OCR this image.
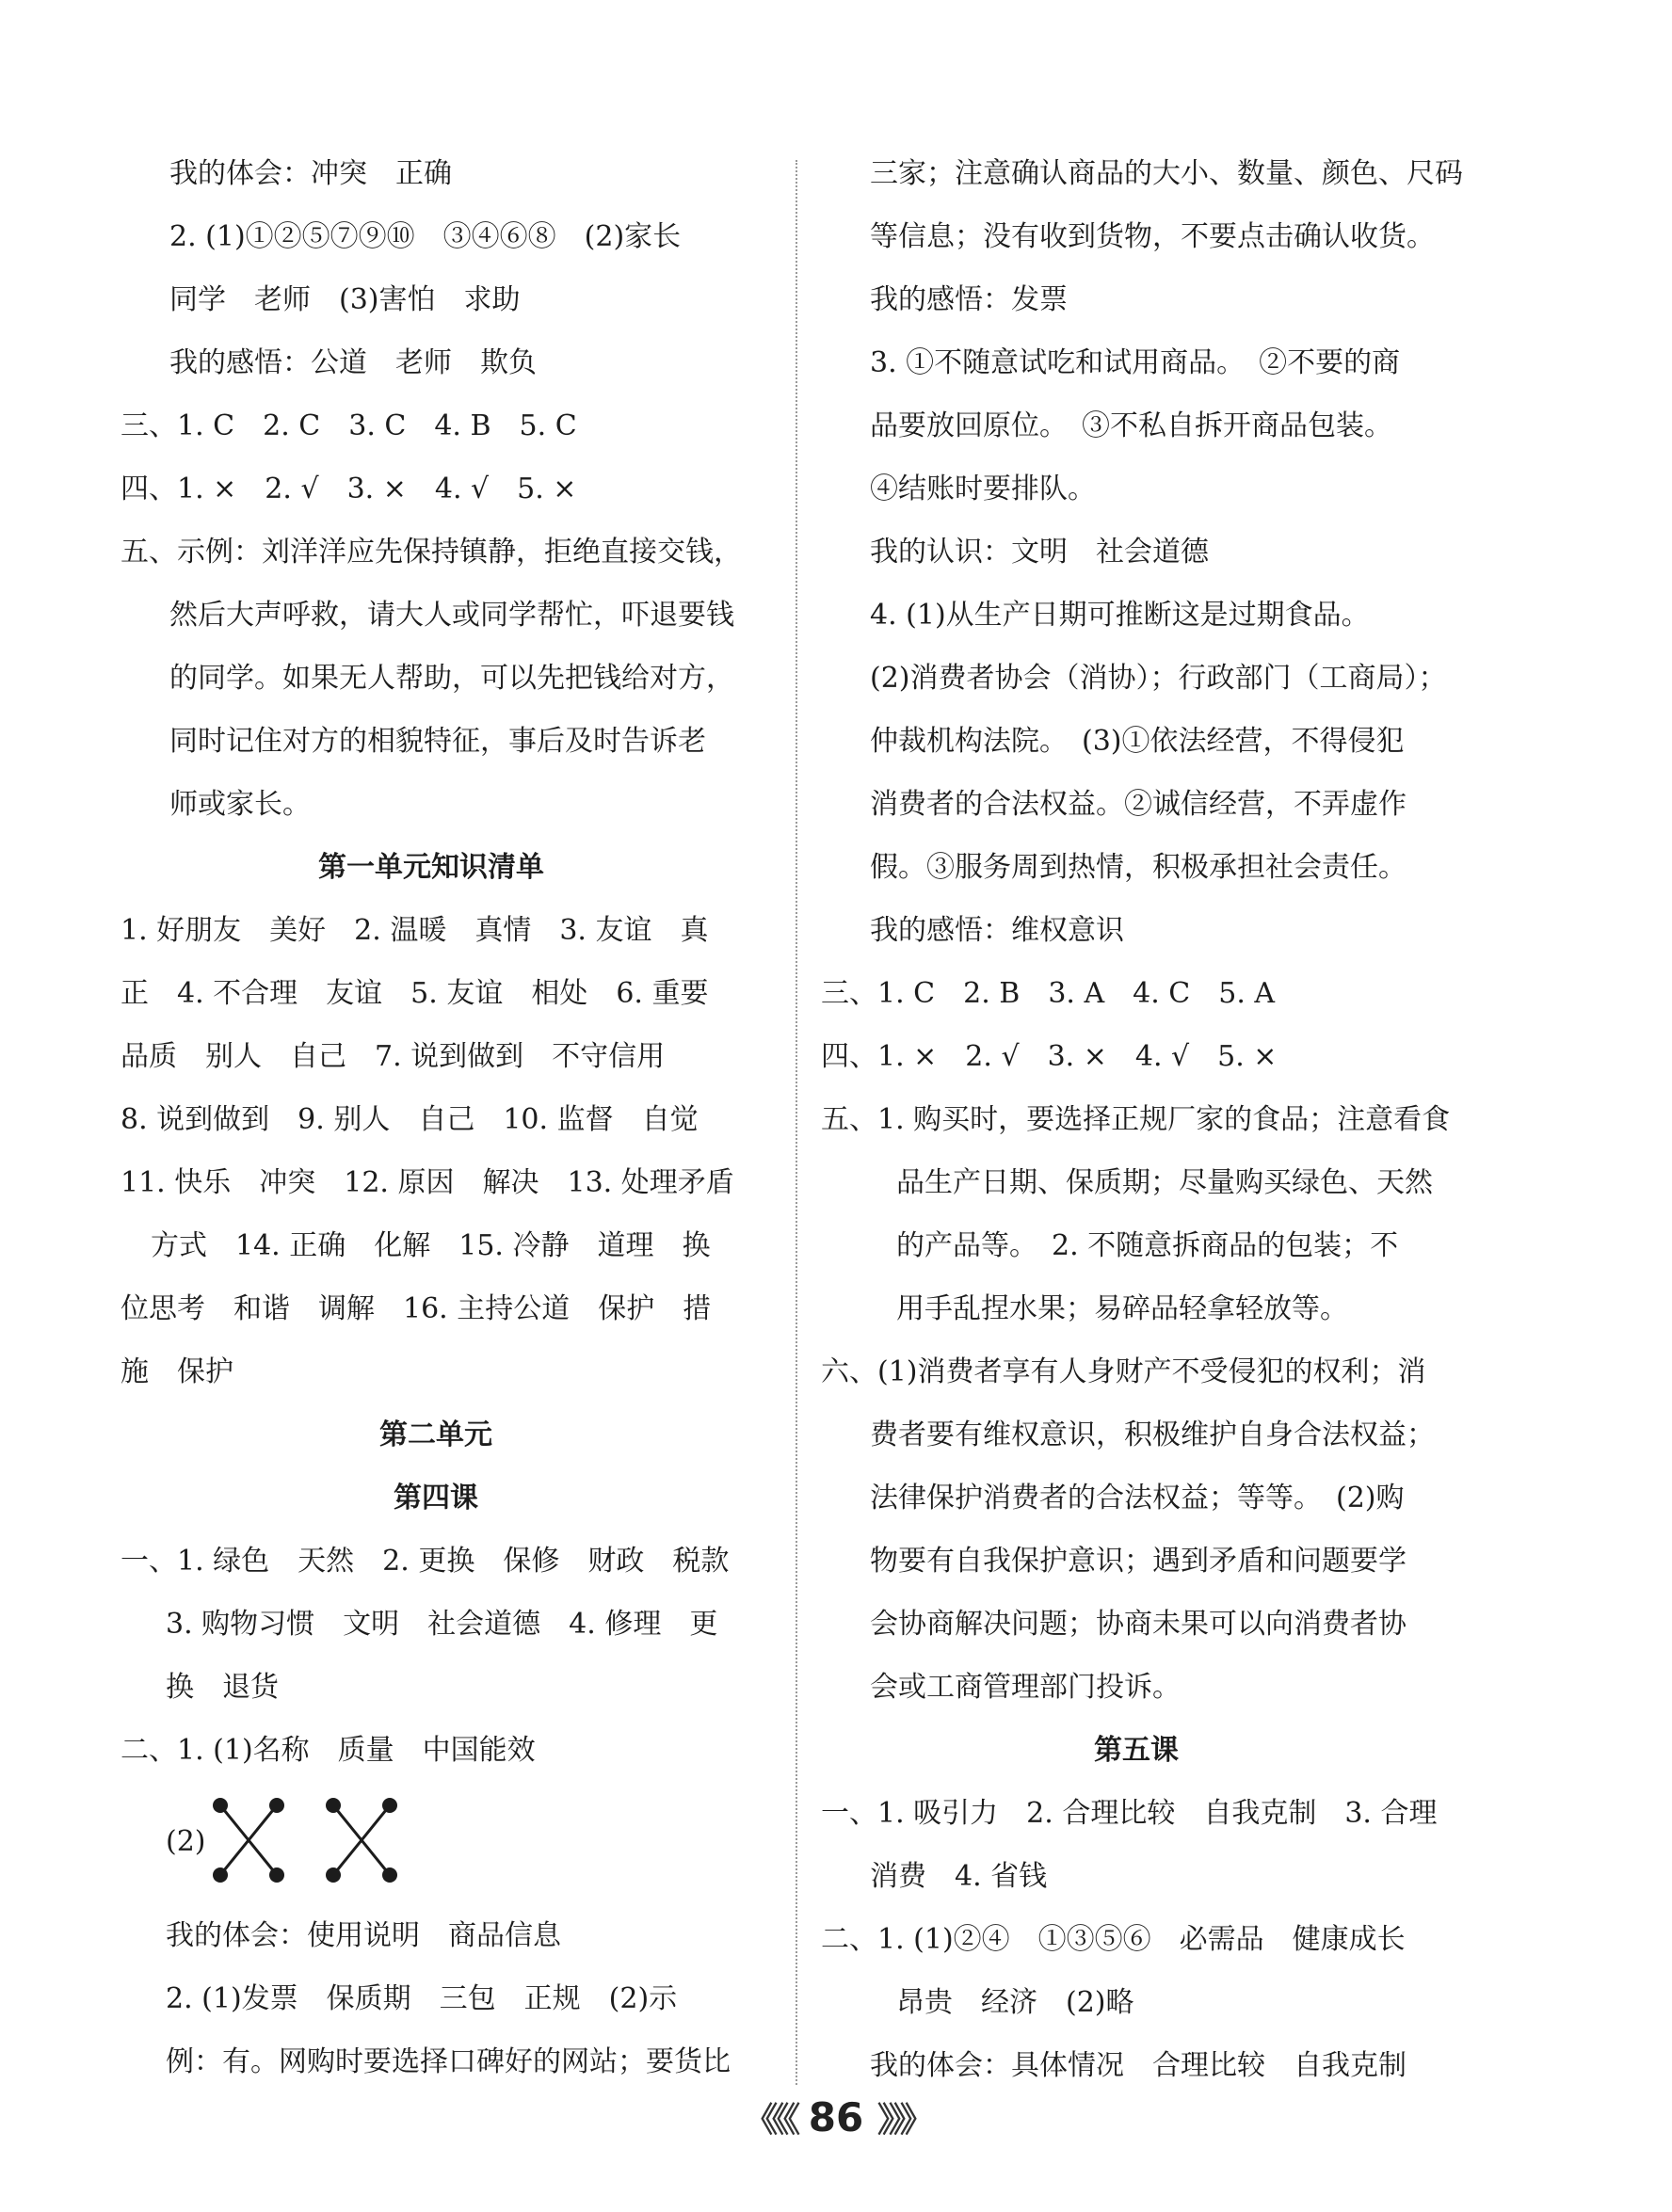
我的体会：冲突　正确
2. (1)①②⑤⑦⑨⑩　③④⑥⑧　(2)家长
同学　老师　(3)害怕　求助
我的感悟：公道　老师　欺负
三、1. C　2. C　3. C　4. B　5. C
四、1. ×　2. √　3. ×　4. √　5. ×
五、示例：刘洋洋应先保持镇静，拒绝直接交钱，
然后大声呼救，请大人或同学帮忙，吓退要钱
的同学。如果无人帮助，可以先把钱给对方，
同时记住对方的相貌特征，事后及时告诉老
师或家长。
第一单元知识清单
1. 好朋友　美好　2. 温暖　真情　3. 友谊　真
正　4. 不合理　友谊　5. 友谊　相处　6. 重要
品质　别人　自己　7. 说到做到　不守信用
8. 说到做到　9. 别人　自己　10. 监督　自觉
11. 快乐　冲突　12. 原因　解决　13. 处理矛盾
方式　14. 正确　化解　15. 冷静　道理　换
位思考　和谐　调解　16. 主持公道　保护　措
施　保护
第二单元
第四课
一、1. 绿色　天然　2. 更换　保修　财政　税款
3. 购物习惯　文明　社会道德　4. 修理　更
换　退货
二、1. (1)名称　质量　中国能效
(2)
我的体会：使用说明　商品信息
2. (1)发票　保质期　三包　正规　(2)示
例：有。网购时要选择口碑好的网站；要货比
三家；注意确认商品的大小、数量、颜色、尺码
等信息；没有收到货物，不要点击确认收货。
我的感悟：发票
3. ①不随意试吃和试用商品。　②不要的商
品要放回原位。　③不私自拆开商品包装。
④结账时要排队。
我的认识：文明　社会道德
4. (1)从生产日期可推断这是过期食品。
(2)消费者协会（消协）；行政部门（工商局）；
仲裁机构法院。　(3)①依法经营，不得侵犯
消费者的合法权益。②诚信经营，不弄虚作
假。③服务周到热情，积极承担社会责任。
我的感悟：维权意识
三、1. C　2. B　3. A　4. C　5. A
四、1. ×　2. √　3. ×　4. √　5. ×
五、1. 购买时，要选择正规厂家的食品；注意看食
品生产日期、保质期；尽量购买绿色、天然
的产品等。　2. 不随意拆商品的包装；不
用手乱捏水果；易碎品轻拿轻放等。
六、(1)消费者享有人身财产不受侵犯的权利；消
费者要有维权意识，积极维护自身合法权益；
法律保护消费者的合法权益；等等。　(2)购
物要有自我保护意识；遇到矛盾和问题要学
会协商解决问题；协商未果可以向消费者协
会或工商管理部门投诉。
第五课
一、1. 吸引力　2. 合理比较　自我克制　3. 合理
消费　4. 省钱
二、1. (1)②④　①③⑤⑥　必需品　健康成长
昂贵　经济　(2)略
我的体会：具体情况　合理比较　自我克制
《《《 86 》》》
